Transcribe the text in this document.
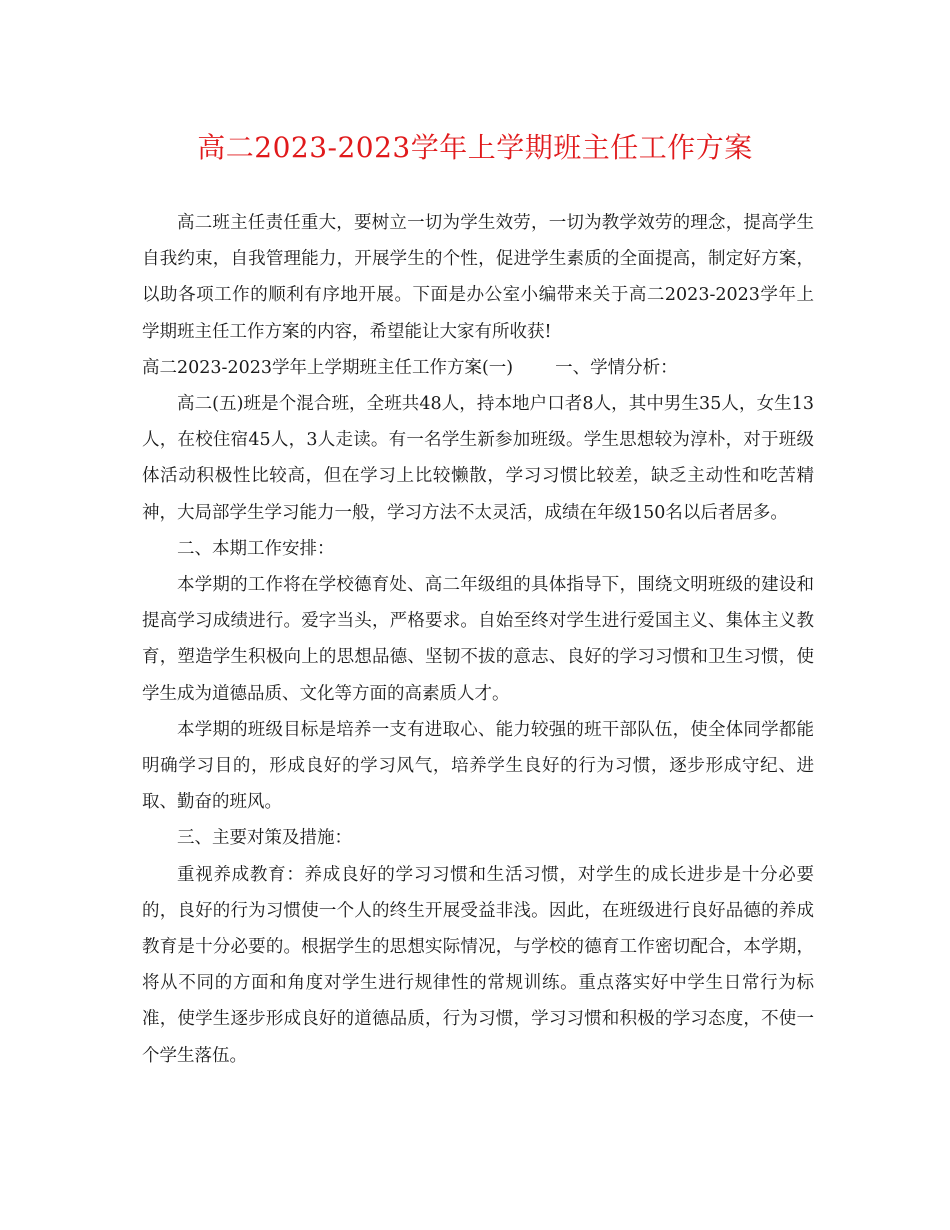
高二2023-2023学年上学期班主任工作方案

高二班主任责任重大，要树立一切为学生效劳，一切为教学效劳的理念，提高学生自我约束，自我管理能力，开展学生的个性，促进学生素质的全面提高，制定好方案，以助各项工作的顺利有序地开展。下面是办公室小编带来关于高二2023-2023学年上学期班主任工作方案的内容，希望能让大家有所收获!

高二2023-2023学年上学期班主任工作方案(一) 一、学情分析：

高二(五)班是个混合班，全班共48人，持本地户口者8人，其中男生35人，女生13人，在校住宿45人，3人走读。有一名学生新参加班级。学生思想较为淳朴，对于班级体活动积极性比较高，但在学习上比较懒散，学习习惯比较差，缺乏主动性和吃苦精神，大局部学生学习能力一般，学习方法不太灵活，成绩在年级150名以后者居多。

二、本期工作安排：

本学期的工作将在学校德育处、高二年级组的具体指导下，围绕文明班级的建设和提高学习成绩进行。爱字当头，严格要求。自始至终对学生进行爱国主义、集体主义教育，塑造学生积极向上的思想品德、坚韧不拔的意志、良好的学习习惯和卫生习惯，使学生成为道德品质、文化等方面的高素质人才。

本学期的班级目标是培养一支有进取心、能力较强的班干部队伍，使全体同学都能明确学习目的，形成良好的学习风气，培养学生良好的行为习惯，逐步形成守纪、进取、勤奋的班风。

三、主要对策及措施：

重视养成教育：养成良好的学习习惯和生活习惯，对学生的成长进步是十分必要的，良好的行为习惯使一个人的终生开展受益非浅。因此，在班级进行良好品德的养成教育是十分必要的。根据学生的思想实际情况，与学校的德育工作密切配合，本学期，将从不同的方面和角度对学生进行规律性的常规训练。重点落实好中学生日常行为标准，使学生逐步形成良好的道德品质，行为习惯，学习习惯和积极的学习态度，不使一个学生落伍。
